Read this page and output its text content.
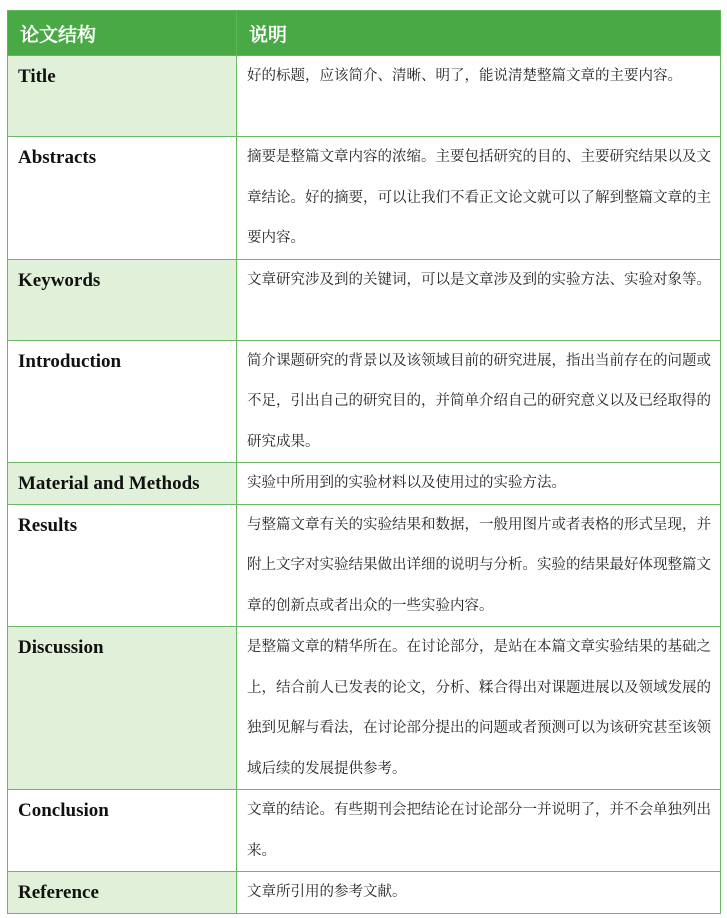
论文结构	说明
Title	好的标题，应该简介、清晰、明了，能说清楚整篇文章的主要内容。
Abstracts	摘要是整篇文章内容的浓缩。主要包括研究的目的、主要研究结果以及文章结论。好的摘要，可以让我们不看正文论文就可以了解到整篇文章的主要内容。
Keywords	文章研究涉及到的关键词，可以是文章涉及到的实验方法、实验对象等。
Introduction	简介课题研究的背景以及该领域目前的研究进展，指出当前存在的问题或不足，引出自己的研究目的，并简单介绍自己的研究意义以及已经取得的研究成果。
Material and Methods	实验中所用到的实验材料以及使用过的实验方法。
Results	与整篇文章有关的实验结果和数据，一般用图片或者表格的形式呈现，并附上文字对实验结果做出详细的说明与分析。实验的结果最好体现整篇文章的创新点或者出众的一些实验内容。
Discussion	是整篇文章的精华所在。在讨论部分，是站在本篇文章实验结果的基础之上，结合前人已发表的论文，分析、糅合得出对课题进展以及领域发展的独到见解与看法，在讨论部分提出的问题或者预测可以为该研究甚至该领域后续的发展提供参考。
Conclusion	文章的结论。有些期刊会把结论在讨论部分一并说明了，并不会单独列出来。
Reference	文章所引用的参考文献。
